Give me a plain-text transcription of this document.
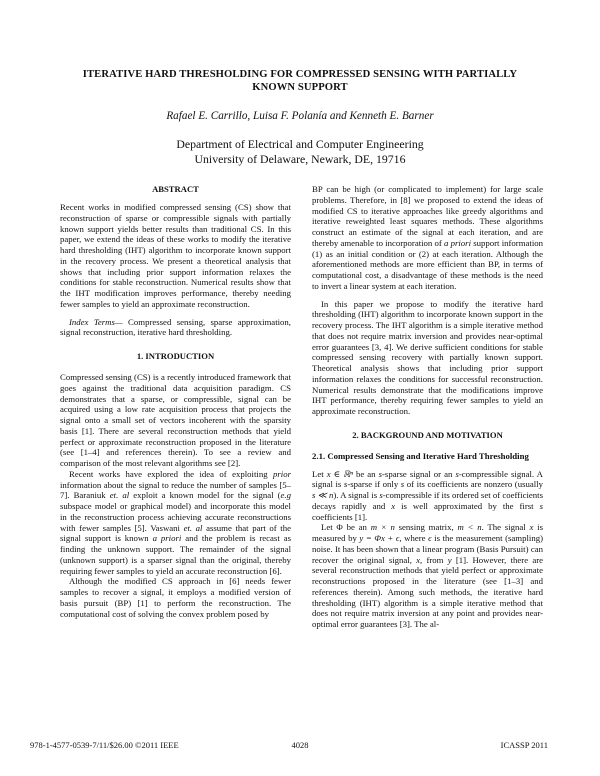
ITERATIVE HARD THRESHOLDING FOR COMPRESSED SENSING WITH PARTIALLY
KNOWN SUPPORT
Rafael E. Carrillo, Luisa F. Polanía and Kenneth E. Barner
Department of Electrical and Computer Engineering
University of Delaware, Newark, DE, 19716
ABSTRACT

Recent works in modified compressed sensing (CS) show that reconstruction of sparse or compressible signals with partially known support yields better results than traditional CS. In this paper, we extend the ideas of these works to modify the iterative hard thresholding (IHT) algorithm to incorporate known support in the recovery process. We present a theoretical analysis that shows that including prior support information relaxes the conditions for stable reconstruction. Numerical results show that the IHT modification improves performance, thereby needing fewer samples to yield an approximate reconstruction.

Index Terms— Compressed sensing, sparse approximation, signal reconstruction, iterative hard thresholding.

1. INTRODUCTION

Compressed sensing (CS) is a recently introduced framework that goes against the traditional data acquisition paradigm. CS demonstrates that a sparse, or compressible, signal can be acquired using a low rate acquisition process that projects the signal onto a small set of vectors incoherent with the sparsity basis [1]. There are several reconstruction methods that yield perfect or approximate reconstruction proposed in the literature (see [1–4] and references therein). To see a review and comparison of the most relevant algorithms see [2].

Recent works have explored the idea of exploiting prior information about the signal to reduce the number of samples [5–7]. Baraniuk et. al exploit a known model for the signal (e.g subspace model or graphical model) and incorporate this model in the reconstruction process achieving accurate reconstructions with fewer samples [5]. Vaswani et. al assume that part of the signal support is known a priori and the problem is recast as finding the unknown support. The remainder of the signal (unknown support) is a sparser signal than the original, thereby requiring fewer samples to yield an accurate reconstruction [6].

Although the modified CS approach in [6] needs fewer samples to recover a signal, it employs a modified version of basis pursuit (BP) [1] to perform the reconstruction. The computational cost of solving the convex problem posed by

BP can be high (or complicated to implement) for large scale problems. Therefore, in [8] we proposed to extend the ideas of modified CS to iterative approaches like greedy algorithms and iterative reweighted least squares methods. These algorithms construct an estimate of the signal at each iteration, and are thereby amenable to incorporation of a priori support information (1) as an initial condition or (2) at each iteration. Although the aforementioned methods are more efficient than BP, in terms of computational cost, a disadvantage of these methods is the need to invert a linear system at each iteration.

In this paper we propose to modify the iterative hard thresholding (IHT) algorithm to incorporate known support in the recovery process. The IHT algorithm is a simple iterative method that does not require matrix inversion and provides near-optimal error guarantees [3, 4]. We derive sufficient conditions for stable compressed sensing recovery with partially known support. Theoretical analysis shows that including prior support information relaxes the conditions for successful reconstruction. Numerical results demonstrate that the modifications improve IHT performance, thereby requiring fewer samples to yield an approximate reconstruction.

2. BACKGROUND AND MOTIVATION
2.1. Compressed Sensing and Iterative Hard Thresholding

Let x ∈ ℝⁿ be an s-sparse signal or an s-compressible signal. A signal is s-sparse if only s of its coefficients are nonzero (usually s ≪ n). A signal is s-compressible if its ordered set of coefficients decays rapidly and x is well approximated by the first s coefficients [1].

Let Φ be an m × n sensing matrix, m < n. The signal x is measured by y = Φx + ϵ, where ϵ is the measurement (sampling) noise. It has been shown that a linear program (Basis Pursuit) can recover the original signal, x, from y [1]. However, there are several reconstruction methods that yield perfect or approximate reconstructions proposed in the literature (see [1–3] and references therein). Among such methods, the iterative hard thresholding (IHT) algorithm is a simple iterative method that does not require matrix inversion at any point and provides near-optimal error guarantees [3]. The al-

978-1-4577-0539-7/11/$26.00 ©2011 IEEE	4028	ICASSP 2011
